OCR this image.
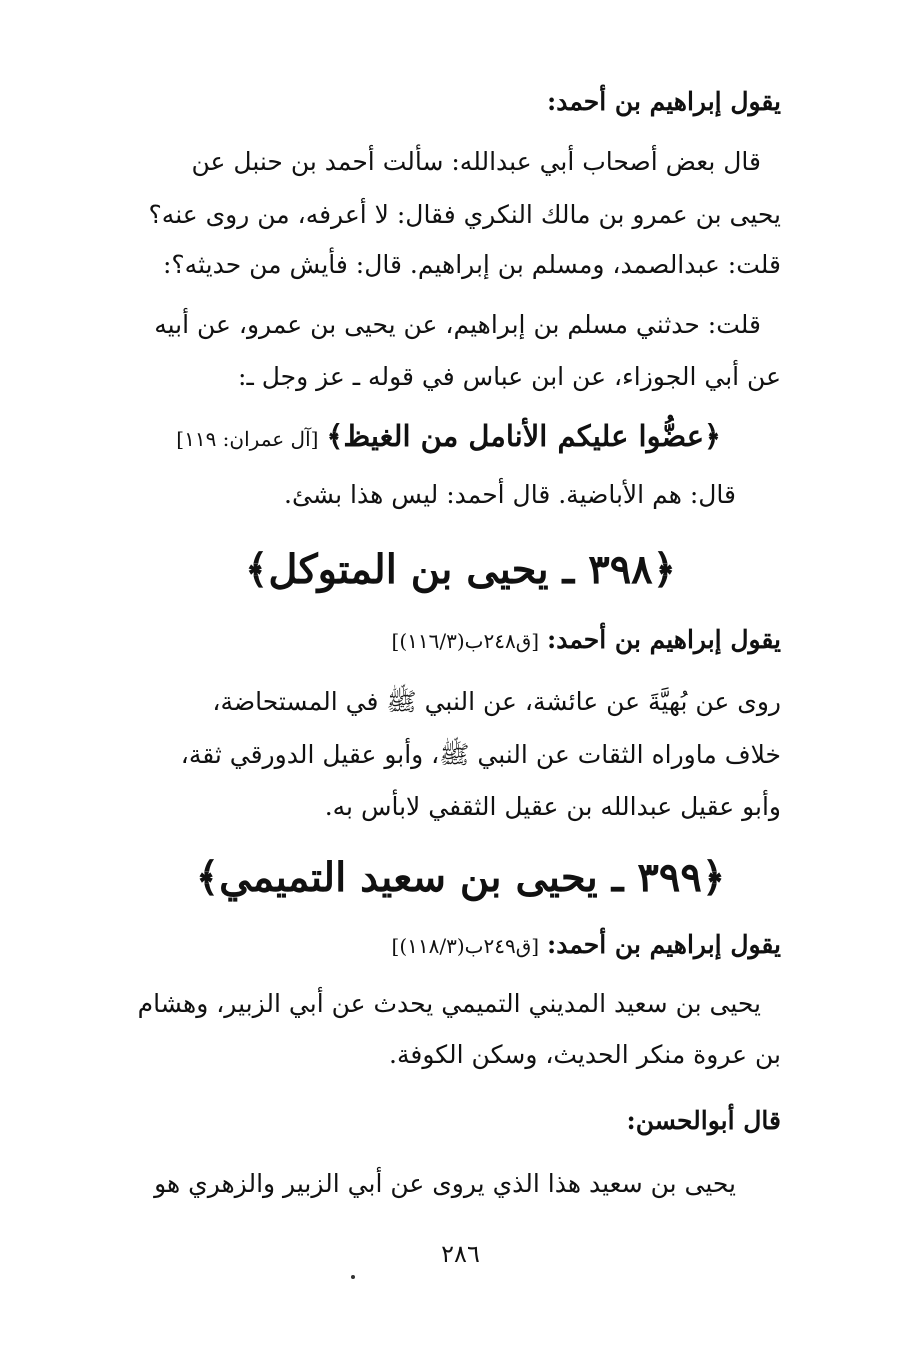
يقول إبراهيم بن أحمد:
قال بعض أصحاب أبي عبدالله: سألت أحمد بن حنبل عن
يحيى بن عمرو بن مالك النكري فقال: لا أعرفه، من روى عنه؟
قلت: عبدالصمد، ومسلم بن إبراهيم. قال: فأيش من حديثه؟:
قلت: حدثني مسلم بن إبراهيم، عن يحيى بن عمرو، عن أبيه
عن أبي الجوزاء، عن ابن عباس في قوله ـ عز وجل ـ:
﴿عضُّوا عليكم الأنامل من الغيظ﴾ [آل عمران: ١١٩]
قال: هم الأباضية. قال أحمد: ليس هذا بشئ.
﴿٣٩٨ ـ يحيى بن المتوكل﴾
يقول إبراهيم بن أحمد: [ق٢٤٨ب(١١٦/٣)]
روى عن بُهيَّةَ عن عائشة، عن النبي ﷺ في المستحاضة،
خلاف ماوراه الثقات عن النبي ﷺ، وأبو عقيل الدورقي ثقة،
وأبو عقيل عبدالله بن عقيل الثقفي لابأس به.
﴿٣٩٩ ـ يحيى بن سعيد التميمي﴾
يقول إبراهيم بن أحمد: [ق٢٤٩ب(١١٨/٣)]
يحيى بن سعيد المديني التميمي يحدث عن أبي الزبير، وهشام
بن عروة منكر الحديث، وسكن الكوفة.
قال أبوالحسن:
يحيى بن سعيد هذا الذي يروى عن أبي الزبير والزهري هو
٢٨٦
